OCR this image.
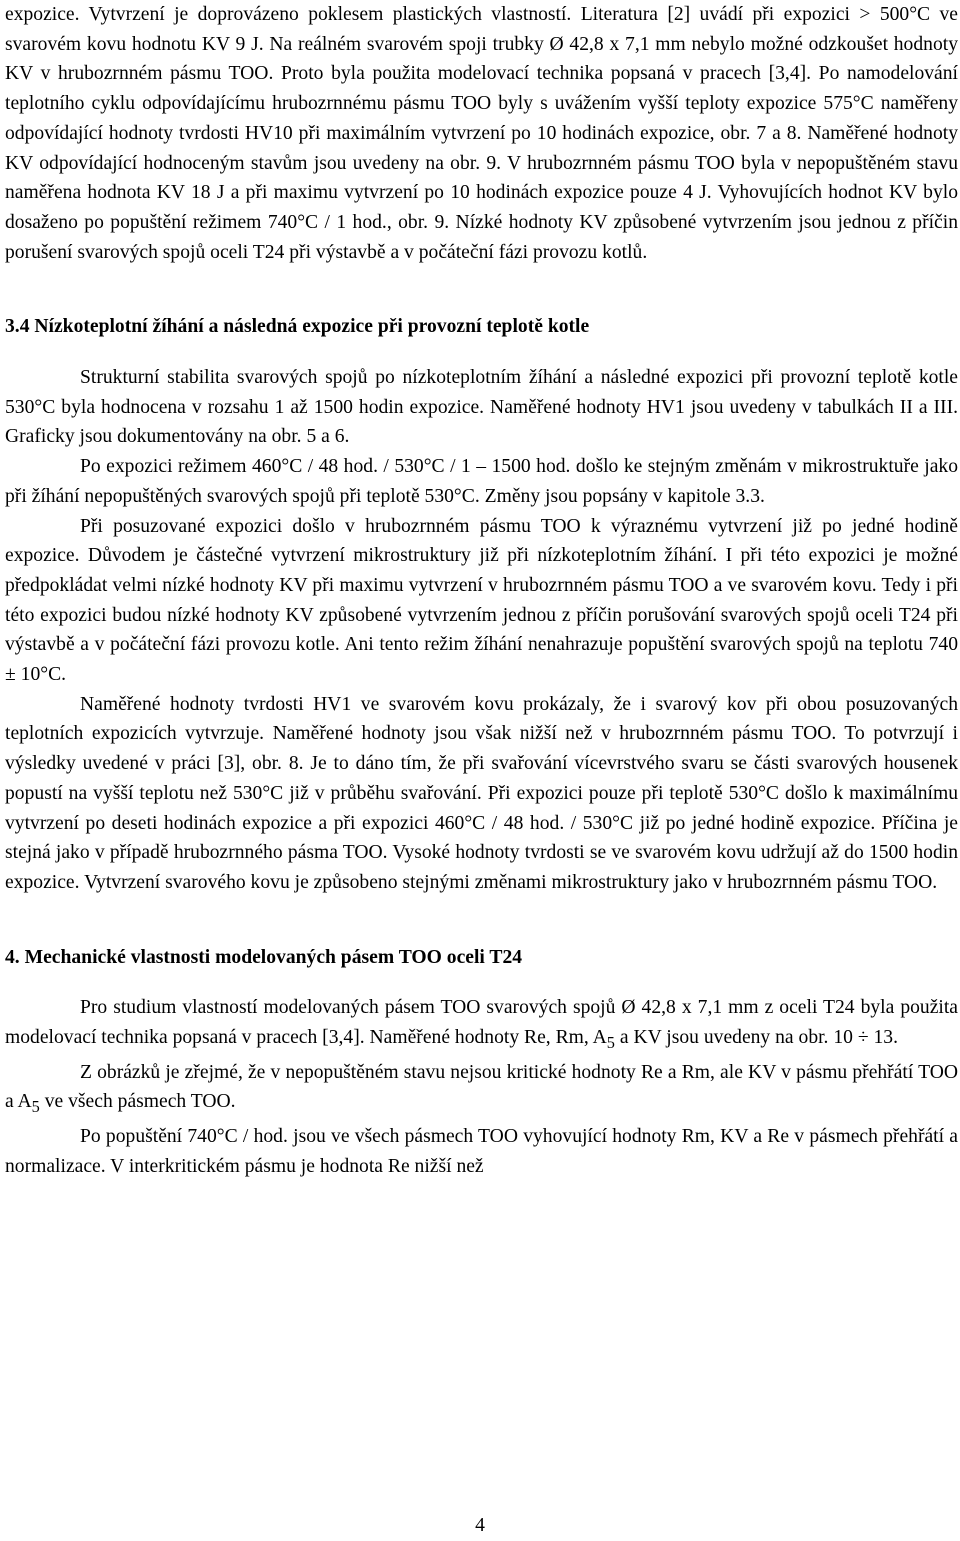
expozice. Vytvrzení je doprovázeno poklesem plastických vlastností. Literatura [2] uvádí při expozici > 500°C ve svarovém kovu hodnotu KV 9 J. Na reálném svarovém spoji trubky Ø 42,8 x 7,1 mm nebylo možné odzkoušet hodnoty KV v hrubozrnném pásmu TOO. Proto byla použita modelovací technika popsaná v pracech [3,4]. Po namodelování teplotního cyklu odpovídajícímu hrubozrnnému pásmu TOO byly s uvážením vyšší teploty expozice 575°C naměřeny odpovídající hodnoty tvrdosti HV10 při maximálním vytvrzení po 10 hodinách expozice, obr. 7 a 8. Naměřené hodnoty KV odpovídající hodnoceným stavům jsou uvedeny na obr. 9. V hrubozrnném pásmu TOO byla v nepopuštěném stavu naměřena hodnota KV 18 J a při maximu vytvrzení po 10 hodinách expozice pouze 4 J. Vyhovujících hodnot KV bylo dosaženo po popuštění režimem 740°C / 1 hod., obr. 9. Nízké hodnoty KV způsobené vytvrzením jsou jednou z příčin porušení svarových spojů oceli T24 při výstavbě a v počáteční fázi provozu kotlů.

3.4 Nízkoteplotní žíhání a následná expozice při provozní teplotě kotle

Strukturní stabilita svarových spojů po nízkoteplotním žíhání a následné expozici při provozní teplotě kotle 530°C byla hodnocena v rozsahu 1 až 1500 hodin expozice. Naměřené hodnoty HV1 jsou uvedeny v tabulkách II a III. Graficky jsou dokumentovány na obr. 5 a 6.

Po expozici režimem 460°C / 48 hod. / 530°C / 1 – 1500 hod. došlo ke stejným změnám v mikrostruktuře jako při žíhání nepopuštěných svarových spojů při teplotě 530°C. Změny jsou popsány v kapitole 3.3.

Při posuzované expozici došlo v hrubozrnném pásmu TOO k výraznému vytvrzení již po jedné hodině expozice. Důvodem je částečné vytvrzení mikrostruktury již při nízkoteplotním žíhání. I při této expozici je možné předpokládat velmi nízké hodnoty KV při maximu vytvrzení v hrubozrnném pásmu TOO a ve svarovém kovu. Tedy i při této expozici budou nízké hodnoty KV způsobené vytvrzením jednou z příčin porušování svarových spojů oceli T24 při výstavbě a v počáteční fázi provozu kotle. Ani tento režim žíhání nenahrazuje popuštění svarových spojů na teplotu 740 ± 10°C.

Naměřené hodnoty tvrdosti HV1 ve svarovém kovu prokázaly, že i svarový kov při obou posuzovaných teplotních expozicích vytvrzuje. Naměřené hodnoty jsou však nižší než v hrubozrnném pásmu TOO. To potvrzují i výsledky uvedené v práci [3], obr. 8. Je to dáno tím, že při svařování vícevrstvého svaru se části svarových housenek popustí na vyšší teplotu než 530°C již v průběhu svařování. Při expozici pouze při teplotě 530°C došlo k maximálnímu vytvrzení po deseti hodinách expozice a při expozici 460°C / 48 hod. / 530°C již po jedné hodině expozice. Příčina je stejná jako v případě hrubozrnného pásma TOO. Vysoké hodnoty tvrdosti se ve svarovém kovu udržují až do 1500 hodin expozice. Vytvrzení svarového kovu je způsobeno stejnými změnami mikrostruktury jako v hrubozrnném pásmu TOO.

4. Mechanické vlastnosti modelovaných pásem TOO oceli T24

Pro studium vlastností modelovaných pásem TOO svarových spojů Ø 42,8 x 7,1 mm z oceli T24 byla použita modelovací technika popsaná v pracech [3,4]. Naměřené hodnoty Re, Rm, $A_5$ a KV jsou uvedeny na obr. 10 ÷ 13.

Z obrázků je zřejmé, že v nepopuštěném stavu nejsou kritické hodnoty Re a Rm, ale KV v pásmu přehřátí TOO a $A_5$ ve všech pásmech TOO.

Po popuštění 740°C / hod. jsou ve všech pásmech TOO vyhovující hodnoty Rm, KV a Re v pásmech přehřátí a normalizace. V interkritickém pásmu je hodnota Re nižší než

4
